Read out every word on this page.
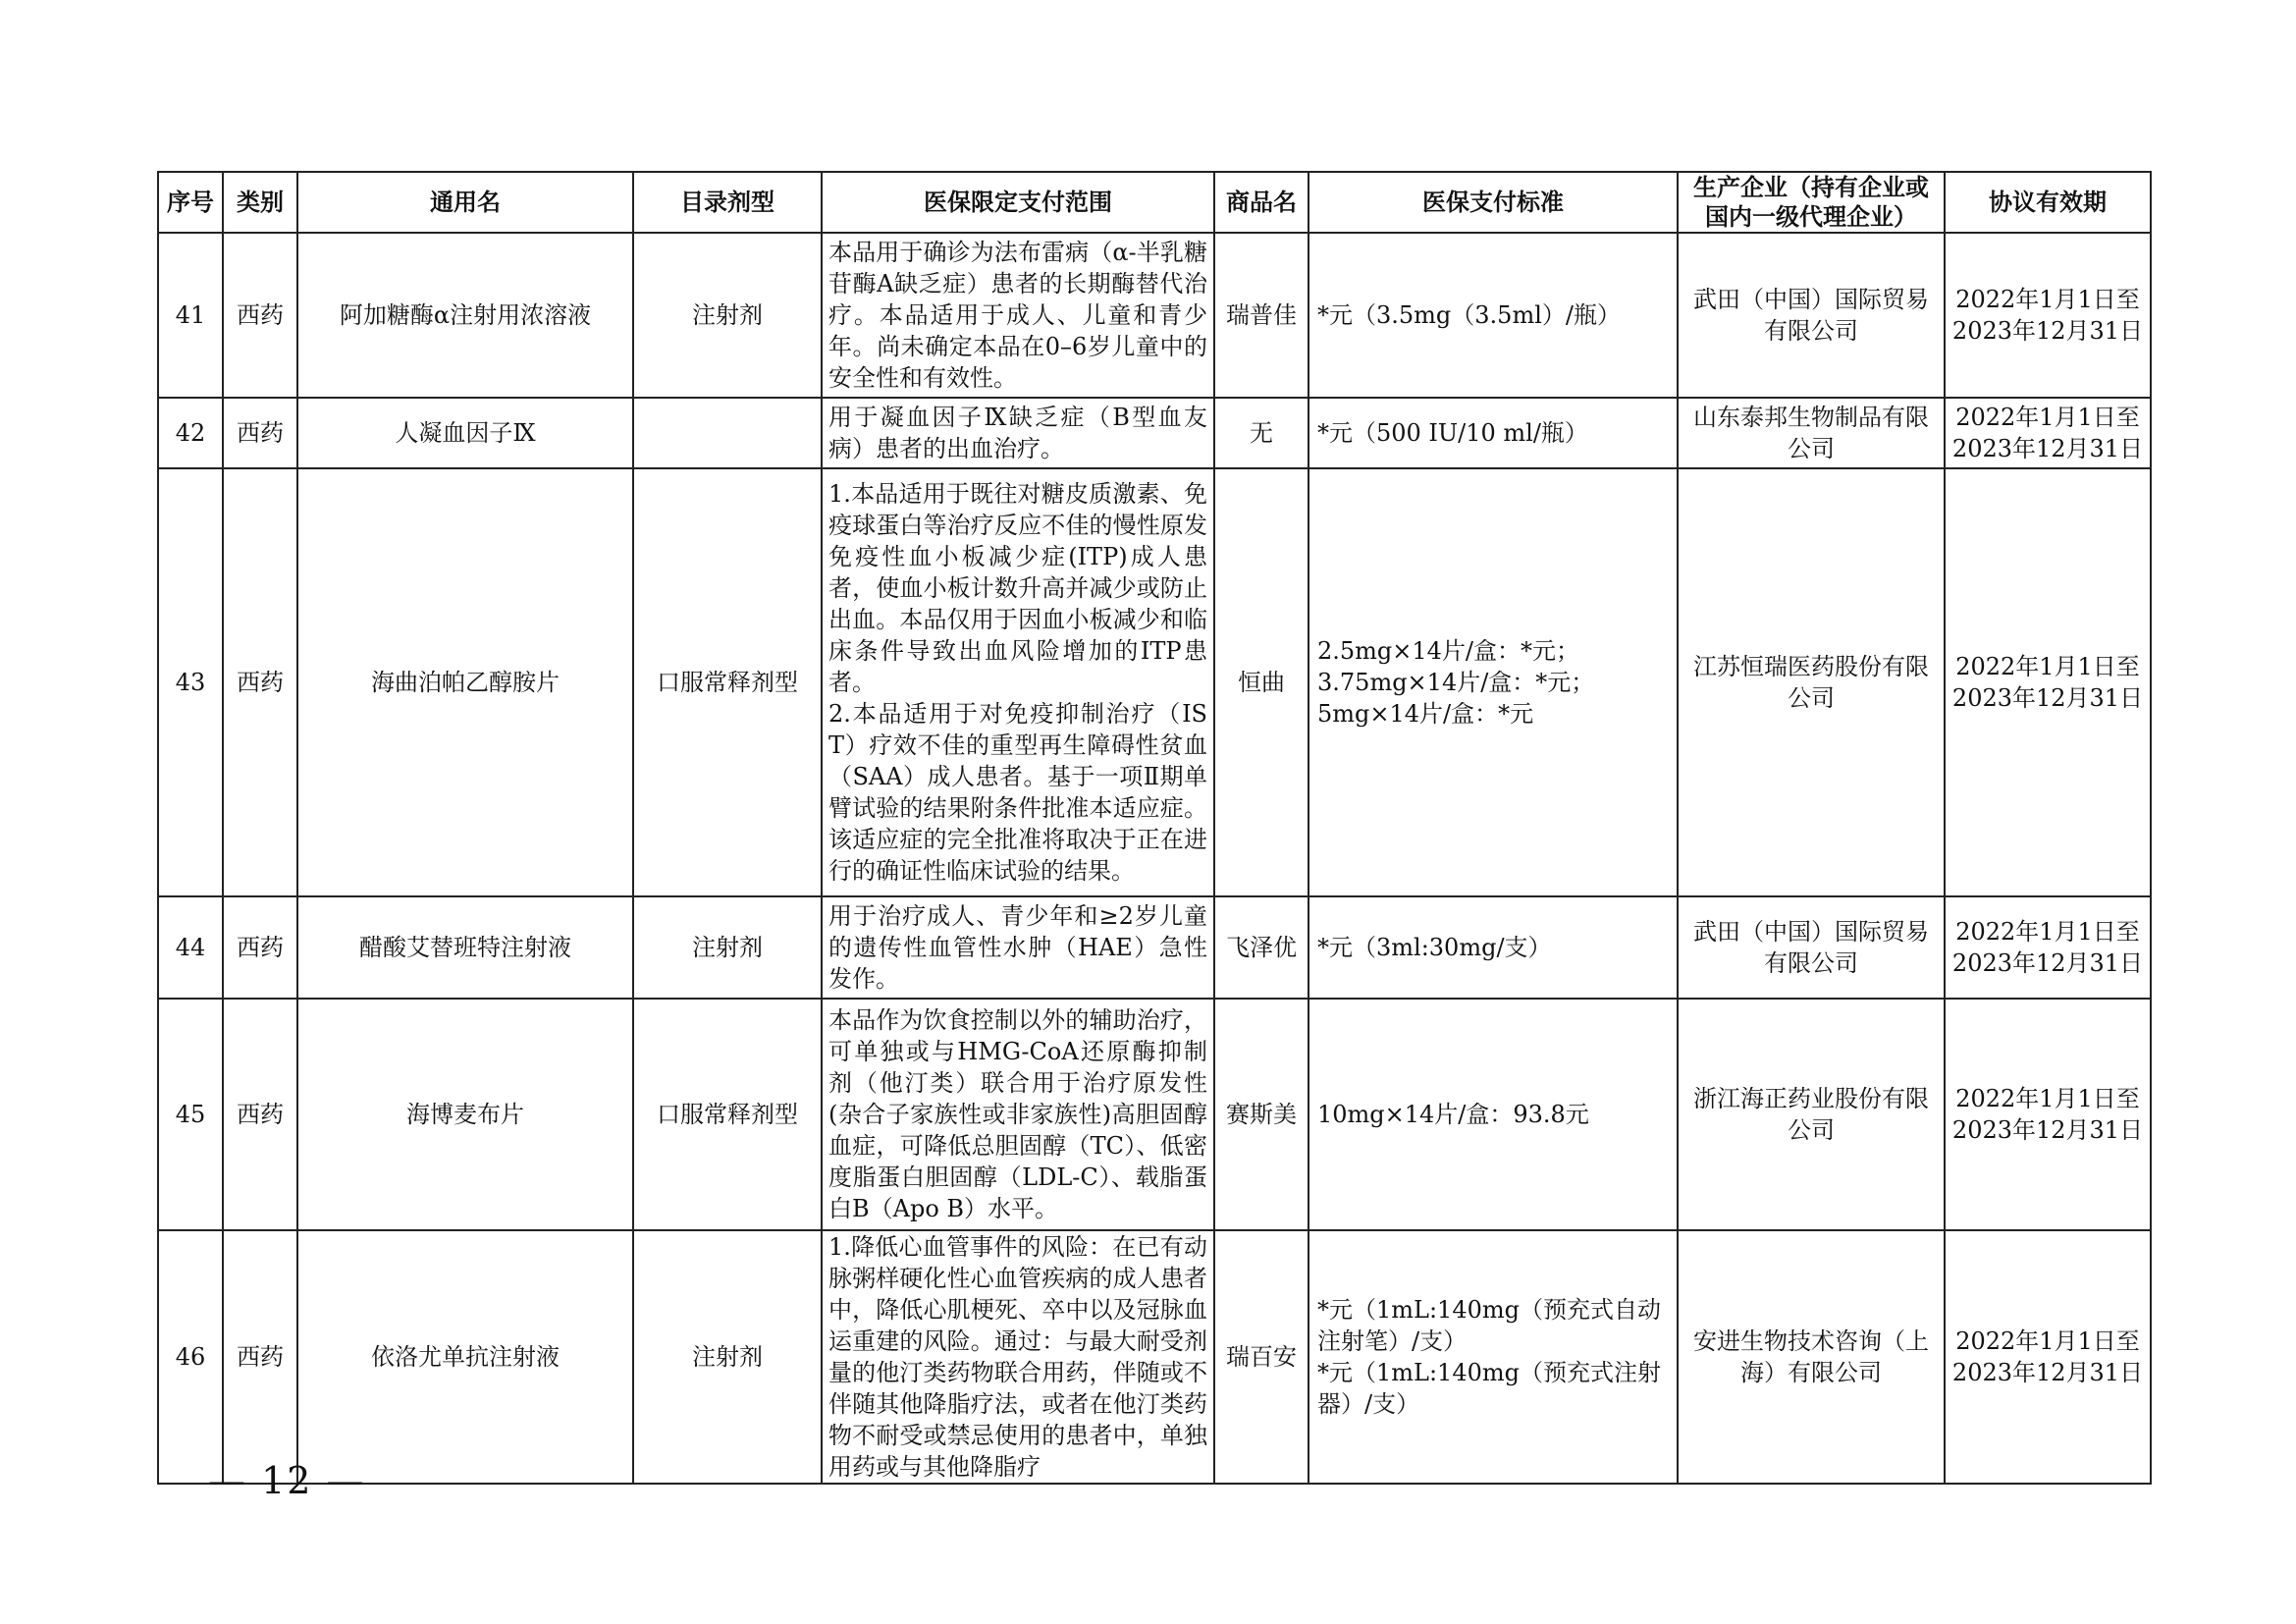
序号	类别	通用名	目录剂型	医保限定支付范围	商品名	医保支付标准	生产企业（持有企业或
国内一级代理企业）	协议有效期
41	西药	阿加糖酶α注射用浓溶液	注射剂	本品用于确诊为法布雷病（α-半乳糖苷酶A缺乏症）患者的长期酶替代治疗。本品适用于成人、儿童和青少年。尚未确定本品在0–6岁儿童中的安全性和有效性。	瑞普佳	*元（3.5mg（3.5ml）/瓶）	武田（中国）国际贸易有限公司	2022年1月1日至
2023年12月31日
42	西药	人凝血因子Ⅸ		用于凝血因子Ⅸ缺乏症（B型血友病）患者的出血治疗。	无	*元（500 IU/10 ml/瓶）	山东泰邦生物制品有限公司	2022年1月1日至
2023年12月31日
43	西药	海曲泊帕乙醇胺片	口服常释剂型	1.本品适用于既往对糖皮质激素、免疫球蛋白等治疗反应不佳的慢性原发免疫性血小板减少症(ITP)成人患者，使血小板计数升高并减少或防止出血。本品仅用于因血小板减少和临床条件导致出血风险增加的ITP患者。
2.本品适用于对免疫抑制治疗（IST）疗效不佳的重型再生障碍性贫血（SAA）成人患者。基于一项Ⅱ期单臂试验的结果附条件批准本适应症。该适应症的完全批准将取决于正在进行的确证性临床试验的结果。	恒曲	2.5mg×14片/盒：*元；
3.75mg×14片/盒：*元；
5mg×14片/盒：*元	江苏恒瑞医药股份有限公司	2022年1月1日至
2023年12月31日
44	西药	醋酸艾替班特注射液	注射剂	用于治疗成人、青少年和≥2岁儿童的遗传性血管性水肿（HAE）急性发作。	飞泽优	*元（3ml:30mg/支）	武田（中国）国际贸易有限公司	2022年1月1日至
2023年12月31日
45	西药	海博麦布片	口服常释剂型	本品作为饮食控制以外的辅助治疗，可单独或与HMG-CoA还原酶抑制剂（他汀类）联合用于治疗原发性(杂合子家族性或非家族性)高胆固醇血症，可降低总胆固醇（TC）、低密度脂蛋白胆固醇（LDL-C）、载脂蛋白B（Apo B）水平。	赛斯美	10mg×14片/盒：93.8元	浙江海正药业股份有限公司	2022年1月1日至
2023年12月31日
46	西药	依洛尤单抗注射液	注射剂	1.降低心血管事件的风险：在已有动脉粥样硬化性心血管疾病的成人患者中，降低心肌梗死、卒中以及冠脉血运重建的风险。通过：与最大耐受剂量的他汀类药物联合用药，伴随或不伴随其他降脂疗法，或者在他汀类药物不耐受或禁忌使用的患者中，单独用药或与其他降脂疗	瑞百安	*元（1mL:140mg（预充式自动注射笔）/支）
*元（1mL:140mg（预充式注射器）/支）	安进生物技术咨询（上海）有限公司	2022年1月1日至
2023年12月31日
— 12 —
